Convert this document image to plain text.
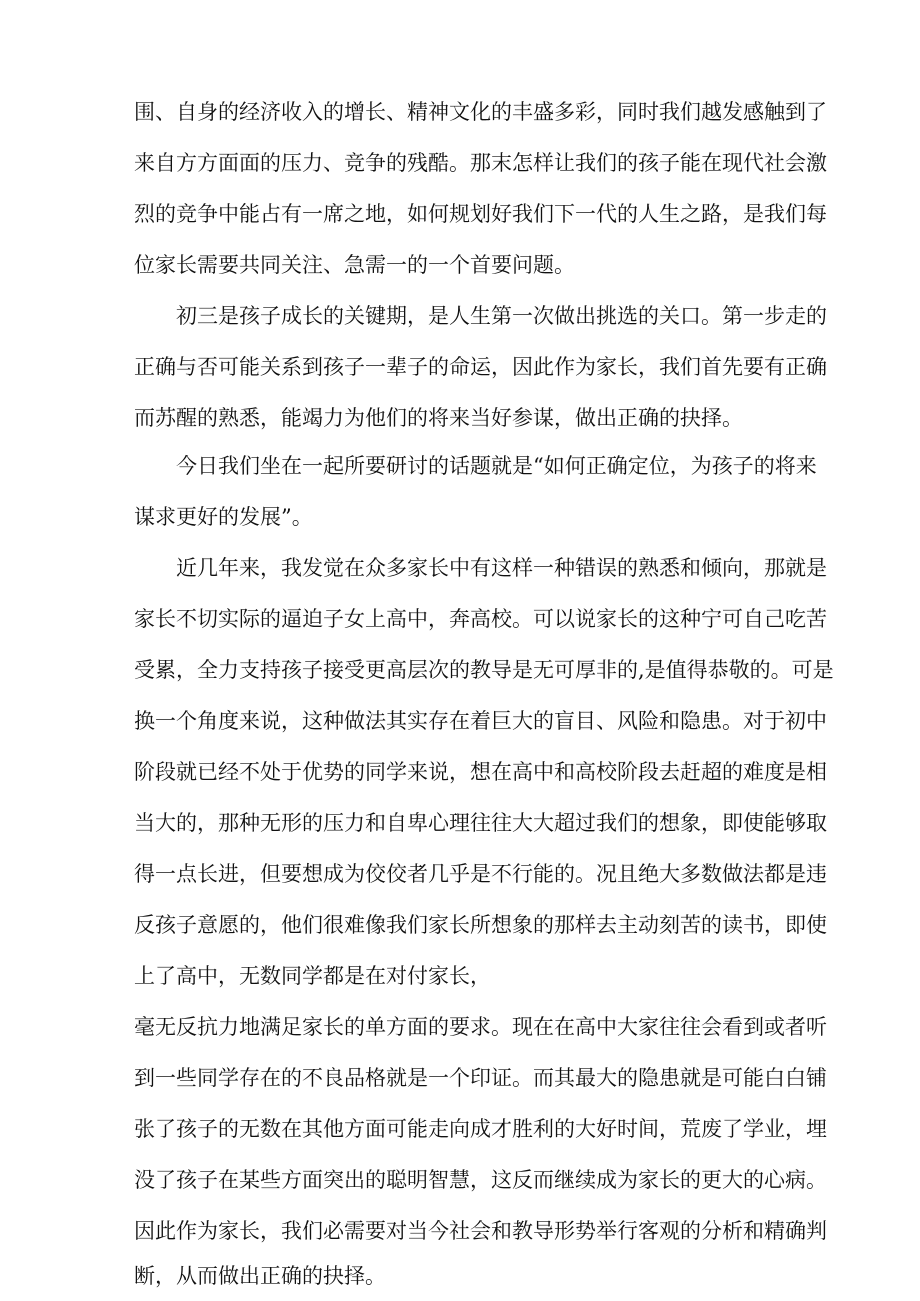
围、自身的经济收入的增长、精神文化的丰盛多彩，同时我们越发感触到了
来自方方面面的压力、竞争的残酷。那末怎样让我们的孩子能在现代社会激
烈的竞争中能占有一席之地，如何规划好我们下一代的人生之路，是我们每
位家长需要共同关注、急需一的一个首要问题。
初三是孩子成长的关键期，是人生第一次做出挑选的关口。第一步走的
正确与否可能关系到孩子一辈子的命运，因此作为家长，我们首先要有正确
而苏醒的熟悉，能竭力为他们的将来当好参谋，做出正确的抉择。
今日我们坐在一起所要研讨的话题就是“如何正确定位，为孩子的将来
谋求更好的发展”。
近几年来，我发觉在众多家长中有这样一种错误的熟悉和倾向，那就是
家长不切实际的逼迫子女上高中，奔高校。可以说家长的这种宁可自己吃苦
受累，全力支持孩子接受更高层次的教导是无可厚非的,是值得恭敬的。可是
换一个角度来说，这种做法其实存在着巨大的盲目、风险和隐患。对于初中
阶段就已经不处于优势的同学来说，想在高中和高校阶段去赶超的难度是相
当大的，那种无形的压力和自卑心理往往大大超过我们的想象，即使能够取
得一点长进，但要想成为佼佼者几乎是不行能的。况且绝大多数做法都是违
反孩子意愿的，他们很难像我们家长所想象的那样去主动刻苦的读书，即使
上了高中，无数同学都是在对付家长，
毫无反抗力地满足家长的单方面的要求。现在在高中大家往往会看到或者听
到一些同学存在的不良品格就是一个印证。而其最大的隐患就是可能白白铺
张了孩子的无数在其他方面可能走向成才胜利的大好时间，荒废了学业，埋
没了孩子在某些方面突出的聪明智慧，这反而继续成为家长的更大的心病。
因此作为家长，我们必需要对当今社会和教导形势举行客观的分析和精确判
断，从而做出正确的抉择。
